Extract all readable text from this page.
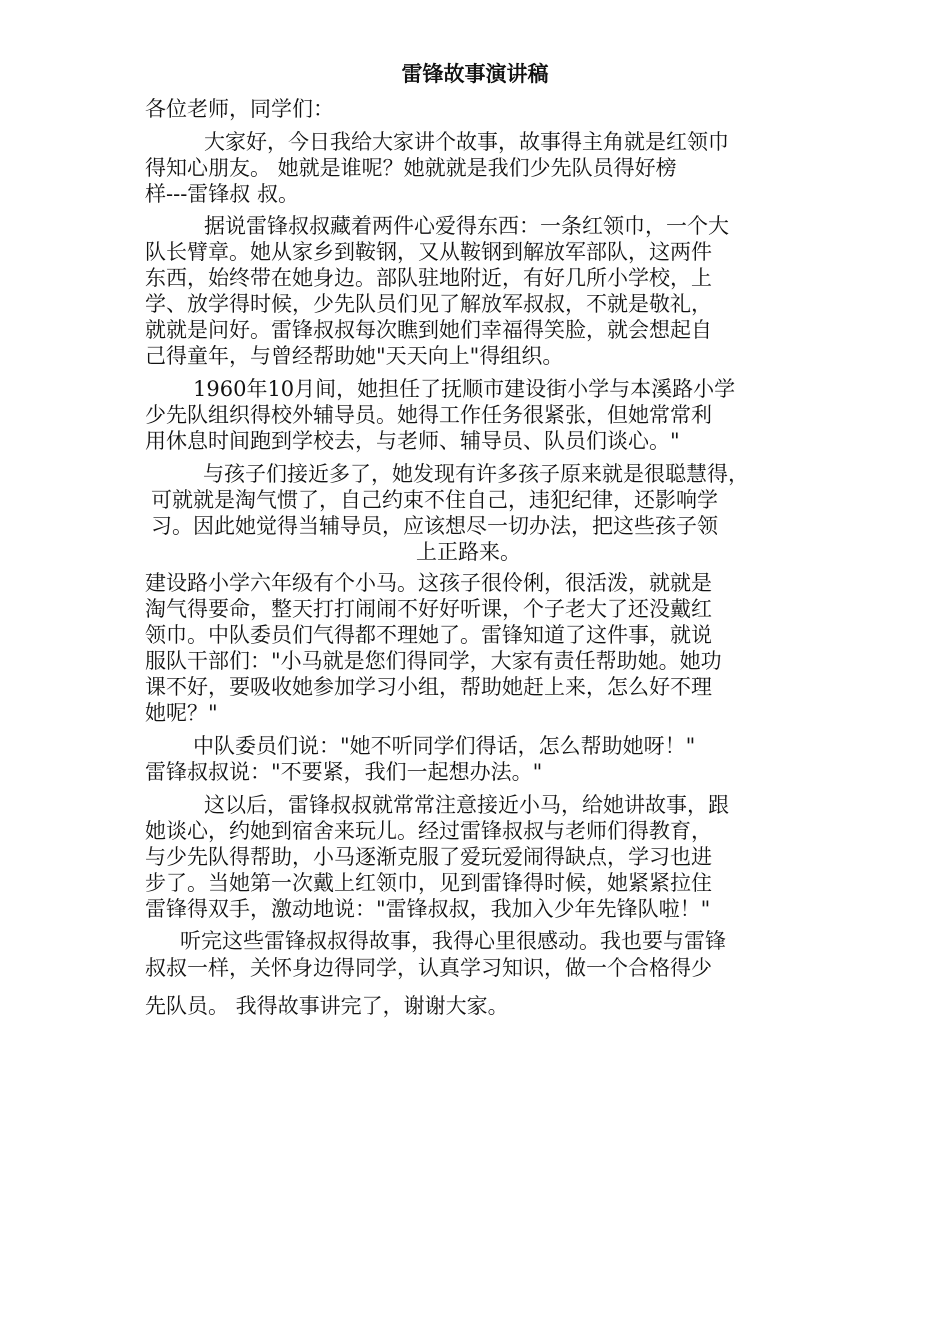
雷锋故事演讲稿
各位老师，同学们：
大家好，今日我给大家讲个故事，故事得主角就是红领巾
得知心朋友。 她就是谁呢？她就就是我们少先队员得好榜
样---雷锋叔 叔。
据说雷锋叔叔藏着两件心爱得东西：一条红领巾，一个大
队长臂章。她从家乡到鞍钢，又从鞍钢到解放军部队，这两件
东西，始终带在她身边。部队驻地附近，有好几所小学校，上
学、放学得时候，少先队员们见了解放军叔叔，不就是敬礼，
就就是问好。雷锋叔叔每次瞧到她们幸福得笑脸，就会想起自
己得童年，与曾经帮助她"天天向上"得组织。
1960年10月间，她担任了抚顺市建设街小学与本溪路小学
少先队组织得校外辅导员。她得工作任务很紧张，但她常常利
用休息时间跑到学校去，与老师、辅导员、队员们谈心。"
与孩子们接近多了，她发现有许多孩子原来就是很聪慧得，
可就就是淘气惯了，自己约束不住自己，违犯纪律，还影响学
习。因此她觉得当辅导员，应该想尽一切办法，把这些孩子领
上正路来。
建设路小学六年级有个小马。这孩子很伶俐，很活泼，就就是
淘气得要命，整天打打闹闹不好好听课，个子老大了还没戴红
领巾。中队委员们气得都不理她了。雷锋知道了这件事，就说
服队干部们："小马就是您们得同学，大家有责任帮助她。她功
课不好，要吸收她参加学习小组，帮助她赶上来，怎么好不理
她呢？"
中队委员们说："她不听同学们得话，怎么帮助她呀！"
雷锋叔叔说："不要紧，我们一起想办法。"
这以后，雷锋叔叔就常常注意接近小马，给她讲故事，跟
她谈心，约她到宿舍来玩儿。经过雷锋叔叔与老师们得教育，
与少先队得帮助，小马逐渐克服了爱玩爱闹得缺点，学习也进
步了。当她第一次戴上红领巾，见到雷锋得时候，她紧紧拉住
雷锋得双手，激动地说："雷锋叔叔，我加入少年先锋队啦！"
听完这些雷锋叔叔得故事，我得心里很感动。我也要与雷锋
叔叔一样，关怀身边得同学，认真学习知识，做一个合格得少
先队员。 我得故事讲完了，谢谢大家。
